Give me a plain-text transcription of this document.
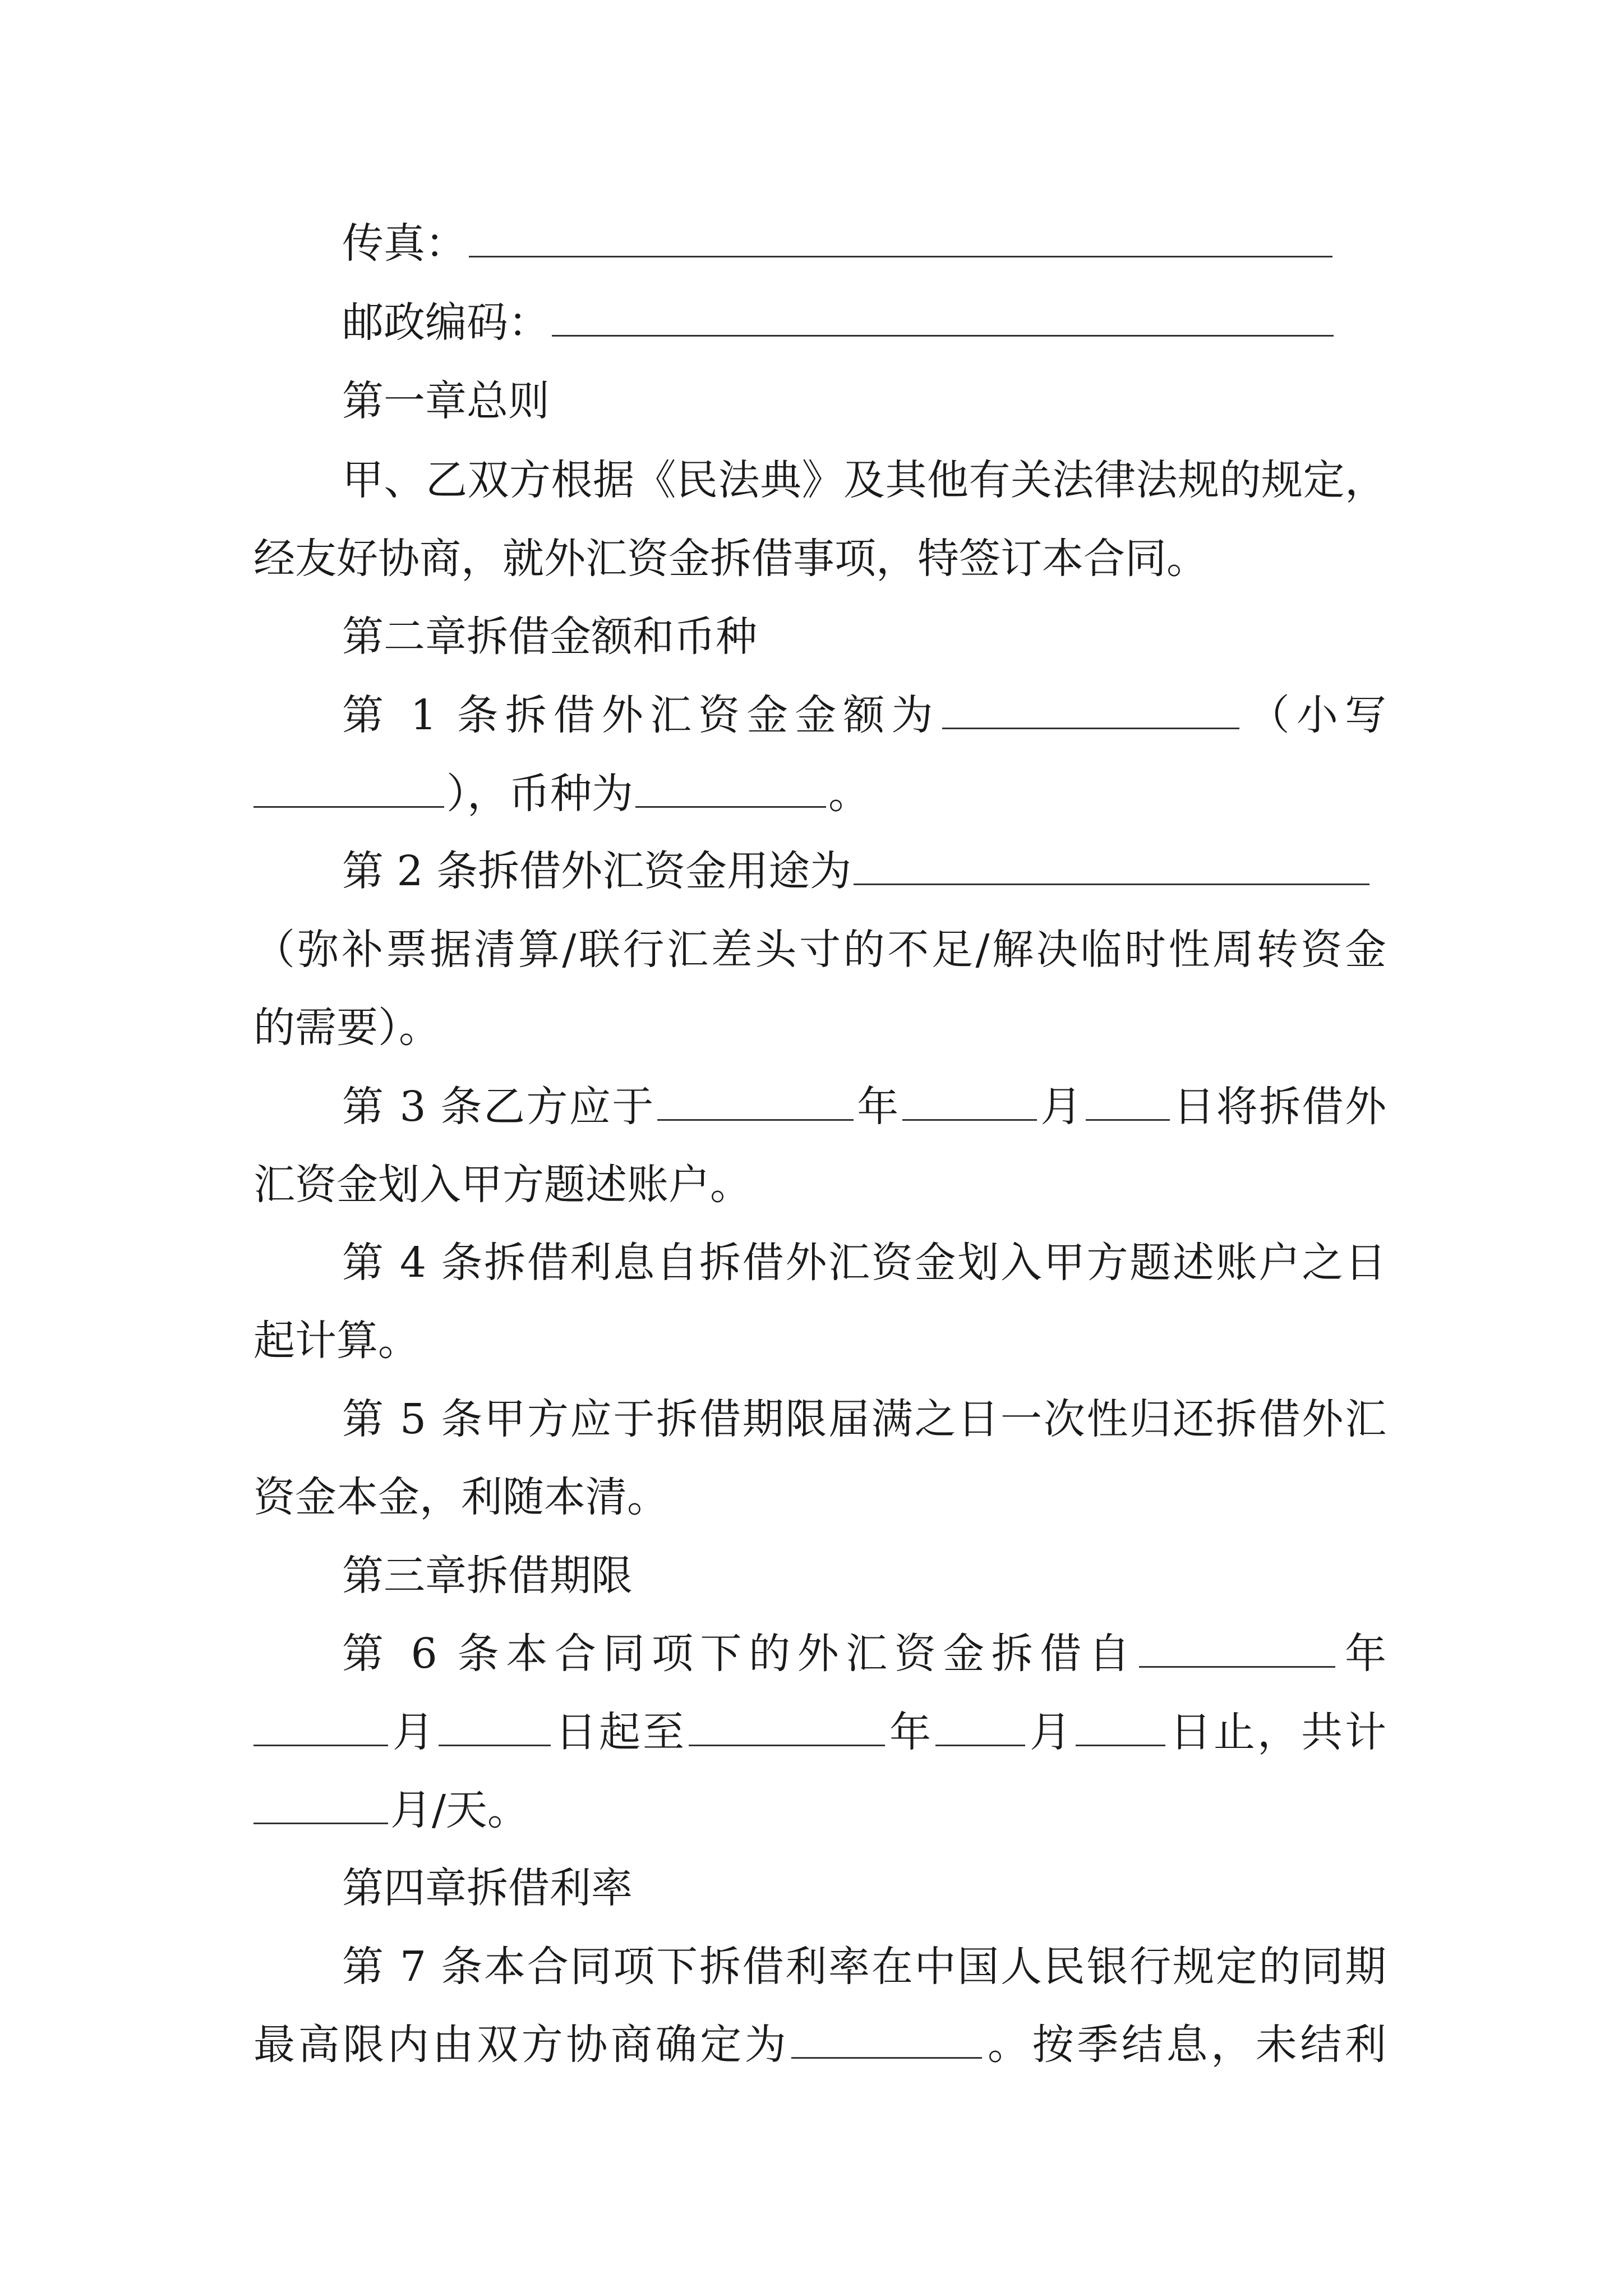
传真：
邮政编码：
第一章总则
甲、乙双方根据《民法典》及其他有关法律法规的规定，
经友好协商，就外汇资金拆借事项，特签订本合同。
第二章拆借金额和币种
第 1 条拆借外汇资金金额为	（小写
），币种为	。
第 2 条拆借外汇资金用途为
（弥补票据清算/联行汇差头寸的不足/解决临时性周转资金
的需要）。
第 3 条乙方应于	年	月 日将拆借外
汇资金划入甲方题述账户。
第 4 条拆借利息自拆借外汇资金划入甲方题述账户之日
起计算。
第 5 条甲方应于拆借期限届满之日一次性归还拆借外汇
资金本金，利随本清。
第三章拆借期限
第 6 条本合同项下的外汇资金拆借自	年
月	日起至	年 月 日止，共计
月/天。
第四章拆借利率
第 7 条本合同项下拆借利率在中国人民银行规定的同期
最高限内由双方协商确定为	。按季结息，未结利
